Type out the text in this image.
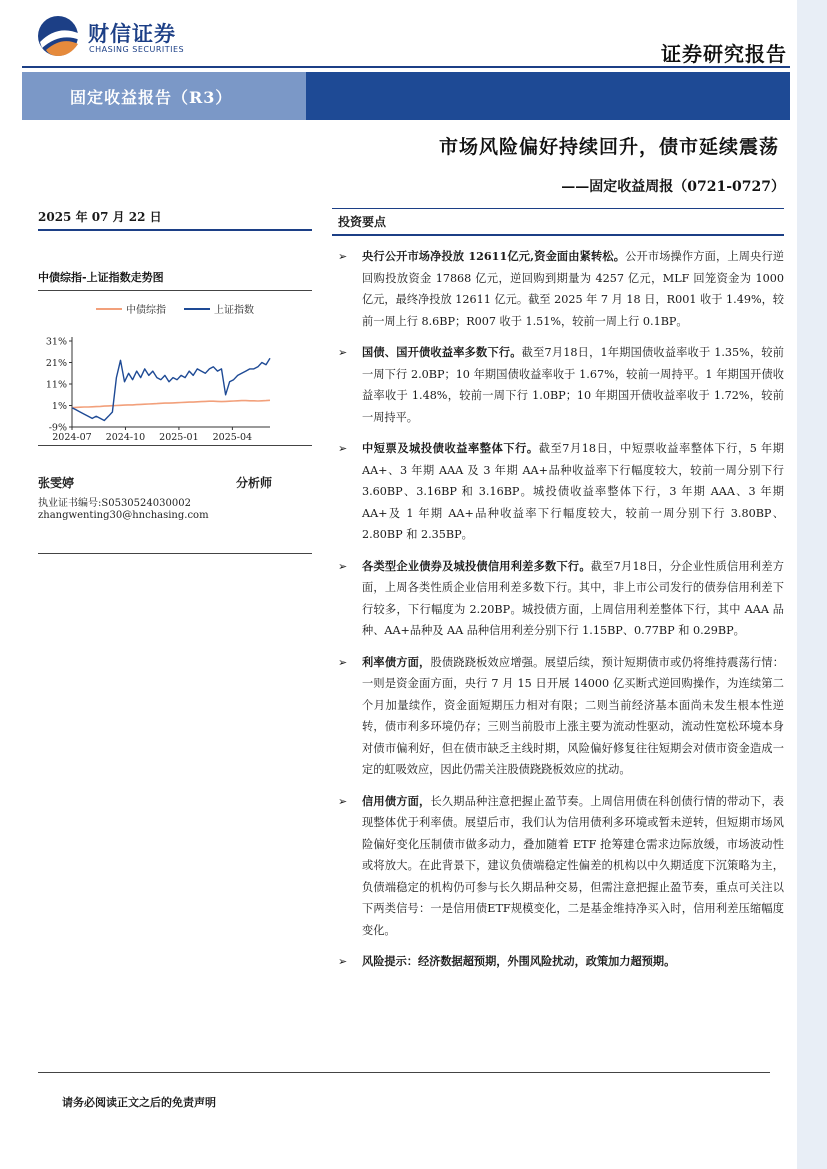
财信证券
CHASING SECURITIES	证券研究报告
固定收益报告（R3）
市场风险偏好持续回升，债市延续震荡
——固定收益周报（0721-0727）
2025 年 07 月 22 日
中债综指-上证指数走势图
31%
21%
11%
1%
-9%
2024-07 2024-10 2025-01 2025-04
中债综指	上证指数
张雯婷	分析师
执业证书编号:S0530524030002
zhangwenting30@hnchasing.com
投资要点
➢ 央行公开市场净投放 12611亿元,资金面由紧转松。公开市场操作方面，上周央行逆回购投放资金 17868 亿元，逆回购到期量为 4257 亿元，MLF 回笼资金为 1000 亿元，最终净投放 12611 亿元。截至 2025 年 7 月 18 日，R001 收于 1.49%，较前一周上行 8.6BP；R007 收于 1.51%，较前一周上行 0.1BP。
➢ 国债、国开债收益率多数下行。截至7月18日，1年期国债收益率收于 1.35%，较前一周下行 2.0BP；10 年期国债收益率收于 1.67%，较前一周持平。1 年期国开债收益率收于 1.48%，较前一周下行 1.0BP；10 年期国开债收益率收于 1.72%，较前一周持平。
➢ 中短票及城投债收益率整体下行。截至7月18日，中短票收益率整体下行，5 年期 AA+、3 年期 AAA 及 3 年期 AA+品种收益率下行幅度较大，较前一周分别下行 3.60BP、3.16BP 和 3.16BP。城投债收益率整体下行，3 年期 AAA、3 年期 AA+及 1 年期 AA+品种收益率下行幅度较大，较前一周分别下行 3.80BP、2.80BP 和 2.35BP。
➢ 各类型企业债券及城投债信用利差多数下行。截至7月18日，分企业性质信用利差方面，上周各类性质企业信用利差多数下行。其中，非上市公司发行的债券信用利差下行较多，下行幅度为 2.20BP。城投债方面，上周信用利差整体下行，其中 AAA 品种、AA+品种及 AA 品种信用利差分别下行 1.15BP、0.77BP 和 0.29BP。
➢ 利率债方面，股债跷跷板效应增强。展望后续，预计短期债市或仍将维持震荡行情：一则是资金面方面，央行 7 月 15 日开展 14000 亿买断式逆回购操作，为连续第二个月加量续作，资金面短期压力相对有限；二则当前经济基本面尚未发生根本性逆转，债市利多环境仍存；三则当前股市上涨主要为流动性驱动，流动性宽松环境本身对债市偏利好，但在债市缺乏主线时期，风险偏好修复往往短期会对债市资金造成一定的虹吸效应，因此仍需关注股债跷跷板效应的扰动。
➢ 信用债方面，长久期品种注意把握止盈节奏。上周信用债在科创债行情的带动下，表现整体优于利率债。展望后市，我们认为信用债利多环境或暂未逆转，但短期市场风险偏好变化压制债市做多动力，叠加随着 ETF 抢筹建仓需求边际放缓，市场波动性或将放大。在此背景下，建议负债端稳定性偏差的机构以中久期适度下沉策略为主，负债端稳定的机构仍可参与长久期品种交易，但需注意把握止盈节奏，重点可关注以下两类信号：一是信用债ETF规模变化，二是基金维持净买入时，信用利差压缩幅度变化。
➢ 风险提示：经济数据超预期，外围风险扰动，政策加力超预期。
请务必阅读正文之后的免责声明
